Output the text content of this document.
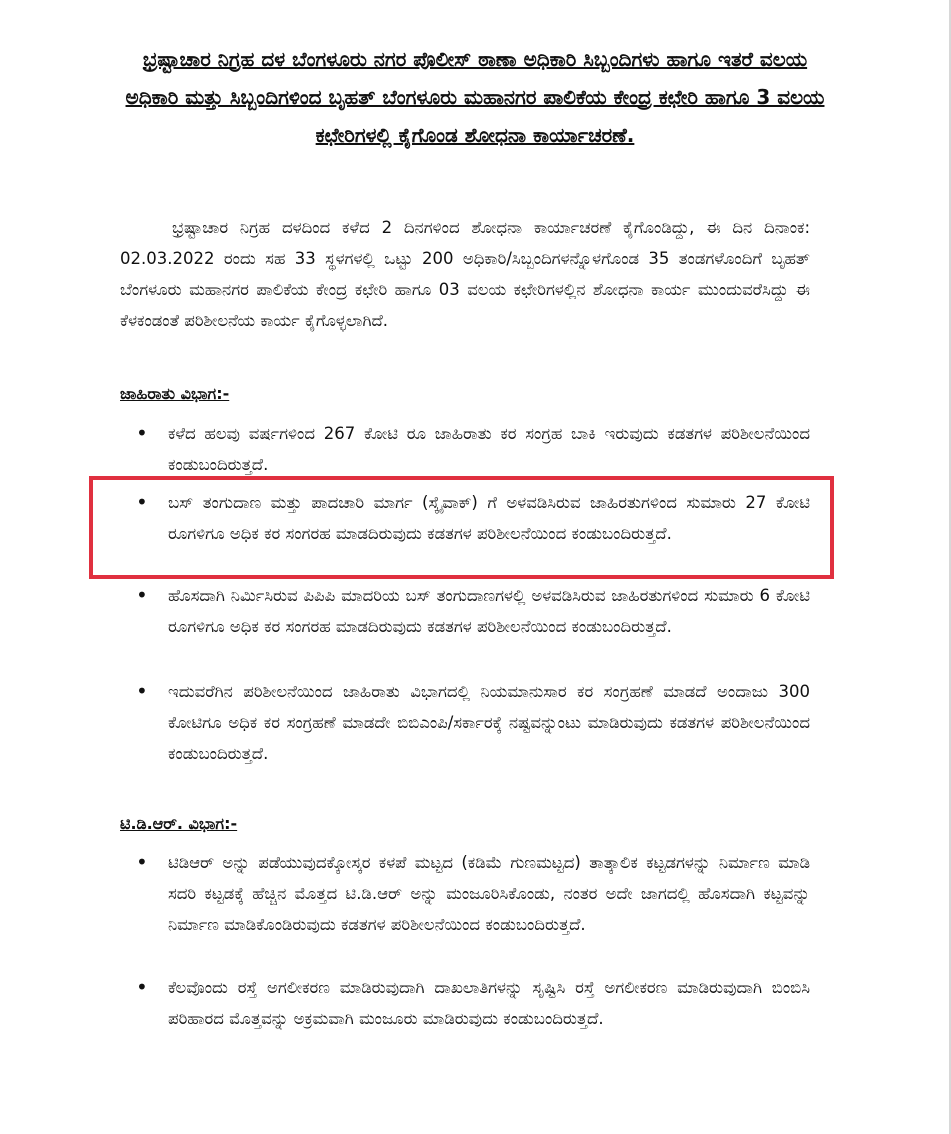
ಭ್ರಷ್ಟಾಚಾರ ನಿಗ್ರಹ ದಳ ಬೆಂಗಳೂರು ನಗರ ಪೊಲೀಸ್ ಠಾಣಾ ಅಧಿಕಾರಿ ಸಿಬ್ಬಂದಿಗಳು ಹಾಗೂ ಇತರೆ ವಲಯ ಅಧಿಕಾರಿ ಮತ್ತು ಸಿಬ್ಬಂದಿಗಳಿಂದ ಬೃಹತ್ ಬೆಂಗಳೂರು ಮಹಾನಗರ ಪಾಲಿಕೆಯ ಕೇಂದ್ರ ಕಛೇರಿ ಹಾಗೂ 3 ವಲಯ ಕಛೇರಿಗಳಲ್ಲಿ ಕೈಗೊಂಡ ಶೋಧನಾ ಕಾರ್ಯಾಚರಣೆ.

ಭ್ರಷ್ಟಾಚಾರ ನಿಗ್ರಹ ದಳದಿಂದ ಕಳೆದ 2 ದಿನಗಳಿಂದ ಶೋಧನಾ ಕಾರ್ಯಾಚರಣೆ ಕೈಗೊಂಡಿದ್ದು, ಈ ದಿನ ದಿನಾಂಕ: 02.03.2022 ರಂದು ಸಹ 33 ಸ್ಥಳಗಳಲ್ಲಿ ಒಟ್ಟು 200 ಅಧಿಕಾರಿ/ಸಿಬ್ಬಂದಿಗಳನ್ನೊಳಗೊಂಡ 35 ತಂಡಗಳೊಂದಿಗೆ ಬೃಹತ್ ಬೆಂಗಳೂರು ಮಹಾನಗರ ಪಾಲಿಕೆಯ ಕೇಂದ್ರ ಕಛೇರಿ ಹಾಗೂ 03 ವಲಯ ಕಛೇರಿಗಳಲ್ಲಿನ ಶೋಧನಾ ಕಾರ್ಯ ಮುಂದುವರೆಸಿದ್ದು ಈ ಕೆಳಕಂಡಂತೆ ಪರಿಶೀಲನೆಯ ಕಾರ್ಯ ಕೈಗೊಳ್ಳಲಾಗಿದೆ.

ಜಾಹಿರಾತು ವಿಭಾಗ:-

• ಕಳೆದ ಹಲವು ವರ್ಷಗಳಿಂದ 267 ಕೋಟಿ ರೂ ಜಾಹಿರಾತು ಕರ ಸಂಗ್ರಹ ಬಾಕಿ ಇರುವುದು ಕಡತಗಳ ಪರಿಶೀಲನೆಯಿಂದ ಕಂಡುಬಂದಿರುತ್ತದೆ.

• ಬಸ್ ತಂಗುದಾಣ ಮತ್ತು ಪಾದಚಾರಿ ಮಾರ್ಗ (ಸ್ಕೈವಾಕ್) ಗೆ ಅಳವಡಿಸಿರುವ ಜಾಹಿರತುಗಳಿಂದ ಸುಮಾರು 27 ಕೋಟಿ ರೂಗಳಿಗೂ ಅಧಿಕ ಕರ ಸಂಗರಹ ಮಾಡದಿರುವುದು ಕಡತಗಳ ಪರಿಶೀಲನೆಯಿಂದ ಕಂಡುಬಂದಿರುತ್ತದೆ.

• ಹೊಸದಾಗಿ ನಿರ್ಮಿಸಿರುವ ಪಿಪಿಪಿ ಮಾದರಿಯ ಬಸ್ ತಂಗುದಾಣಗಳಲ್ಲಿ ಅಳವಡಿಸಿರುವ ಜಾಹಿರತುಗಳಿಂದ ಸುಮಾರು 6 ಕೋಟಿ ರೂಗಳಿಗೂ ಅಧಿಕ ಕರ ಸಂಗರಹ ಮಾಡದಿರುವುದು ಕಡತಗಳ ಪರಿಶೀಲನೆಯಿಂದ ಕಂಡುಬಂದಿರುತ್ತದೆ.

• ಇದುವರೆಗಿನ ಪರಿಶೀಲನೆಯಿಂದ ಜಾಹಿರಾತು ವಿಭಾಗದಲ್ಲಿ ನಿಯಮಾನುಸಾರ ಕರ ಸಂಗ್ರಹಣೆ ಮಾಡದೆ ಅಂದಾಜು 300 ಕೋಟಿಗೂ ಅಧಿಕ ಕರ ಸಂಗ್ರಹಣೆ ಮಾಡದೇ ಬಿಬಿಎಂಪಿ/ಸರ್ಕಾರಕ್ಕೆ ನಷ್ಟವನ್ನುಂಟು ಮಾಡಿರುವುದು ಕಡತಗಳ ಪರಿಶೀಲನೆಯಿಂದ ಕಂಡುಬಂದಿರುತ್ತದೆ.

ಟಿ.ಡಿ.ಆರ್. ವಿಭಾಗ:-

• ಟಿಡಿಆರ್ ಅನ್ನು ಪಡೆಯುವುದಕ್ಕೋಸ್ಕರ ಕಳಪೆ ಮಟ್ಟದ (ಕಡಿಮೆ ಗುಣಮಟ್ಟದ) ತಾತ್ಕಾಲಿಕ ಕಟ್ಟಡಗಳನ್ನು ನಿರ್ಮಾಣ ಮಾಡಿ ಸದರಿ ಕಟ್ಟಡಕ್ಕೆ ಹೆಚ್ಚಿನ ಮೊತ್ತದ ಟಿ.ಡಿ.ಆರ್ ಅನ್ನು ಮಂಜೂರಿಸಿಕೊಂಡು, ನಂತರ ಅದೇ ಜಾಗದಲ್ಲಿ ಹೊಸದಾಗಿ ಕಟ್ಟವನ್ನು ನಿರ್ಮಾಣ ಮಾಡಿಕೊಂಡಿರುವುದು ಕಡತಗಳ ಪರಿಶೀಲನೆಯಿಂದ ಕಂಡುಬಂದಿರುತ್ತದೆ.

• ಕೆಲವೊಂದು ರಸ್ತೆ ಅಗಲೀಕರಣ ಮಾಡಿರುವುದಾಗಿ ದಾಖಲಾತಿಗಳನ್ನು ಸೃಷ್ಟಿಸಿ ರಸ್ತೆ ಅಗಲೀಕರಣ ಮಾಡಿರುವುದಾಗಿ ಬಿಂಬಿಸಿ ಪರಿಹಾರದ ಮೊತ್ತವನ್ನು ಅಕ್ರಮವಾಗಿ ಮಂಜೂರು ಮಾಡಿರುವುದು ಕಂಡುಬಂದಿರುತ್ತದೆ.
